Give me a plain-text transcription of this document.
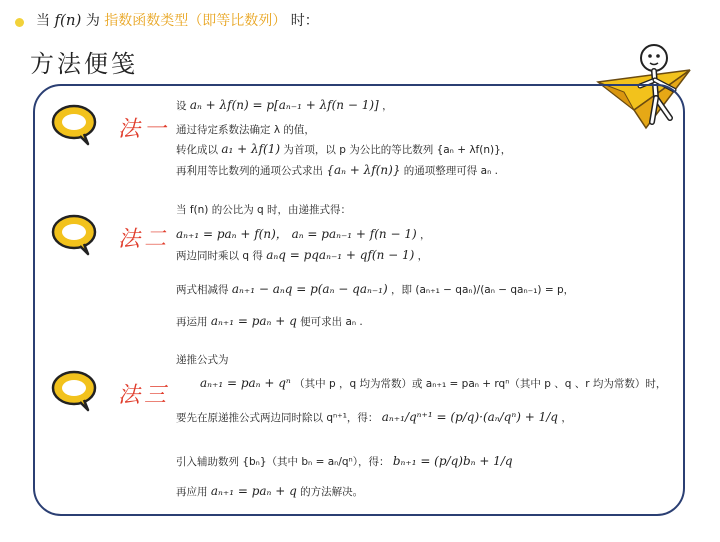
当 f(n) 为 指数函数类型（即等比数列） 时：
方法便笺
法一
设 aₙ + λf(n) = p[aₙ₋₁ + λf(n − 1)] ，
通过待定系数法确定 λ 的值，
转化成以 a₁ + λf(1) 为首项，以 p 为公比的等比数列 {aₙ + λf(n)}，
再利用等比数列的通项公式求出 {aₙ + λf(n)} 的通项整理可得 aₙ .
法二
当 f(n) 的公比为 q 时，由递推式得：
aₙ₊₁ = paₙ + f(n)， aₙ = paₙ₋₁ + f(n − 1) ，
两边同时乘以 q 得 aₙq = pqaₙ₋₁ + qf(n − 1) ，
两式相减得 aₙ₊₁ − aₙq = p(aₙ − qaₙ₋₁) ，即 (aₙ₊₁ − qaₙ)/(aₙ − qaₙ₋₁) = p，
再运用 aₙ₊₁ = paₙ + q 便可求出 aₙ .
法三
递推公式为
aₙ₊₁ = paₙ + qⁿ （其中 p ，q 均为常数）或 aₙ₊₁ = paₙ + rqⁿ（其中 p 、q 、r 均为常数）时，
要先在原递推公式两边同时除以 qⁿ⁺¹，得： aₙ₊₁/qⁿ⁺¹ = (p/q)·(aₙ/qⁿ) + 1/q ，
引入辅助数列 {bₙ}（其中 bₙ = aₙ/qⁿ），得： bₙ₊₁ = (p/q)bₙ + 1/q
再应用 aₙ₊₁ = paₙ + q 的方法解决。
